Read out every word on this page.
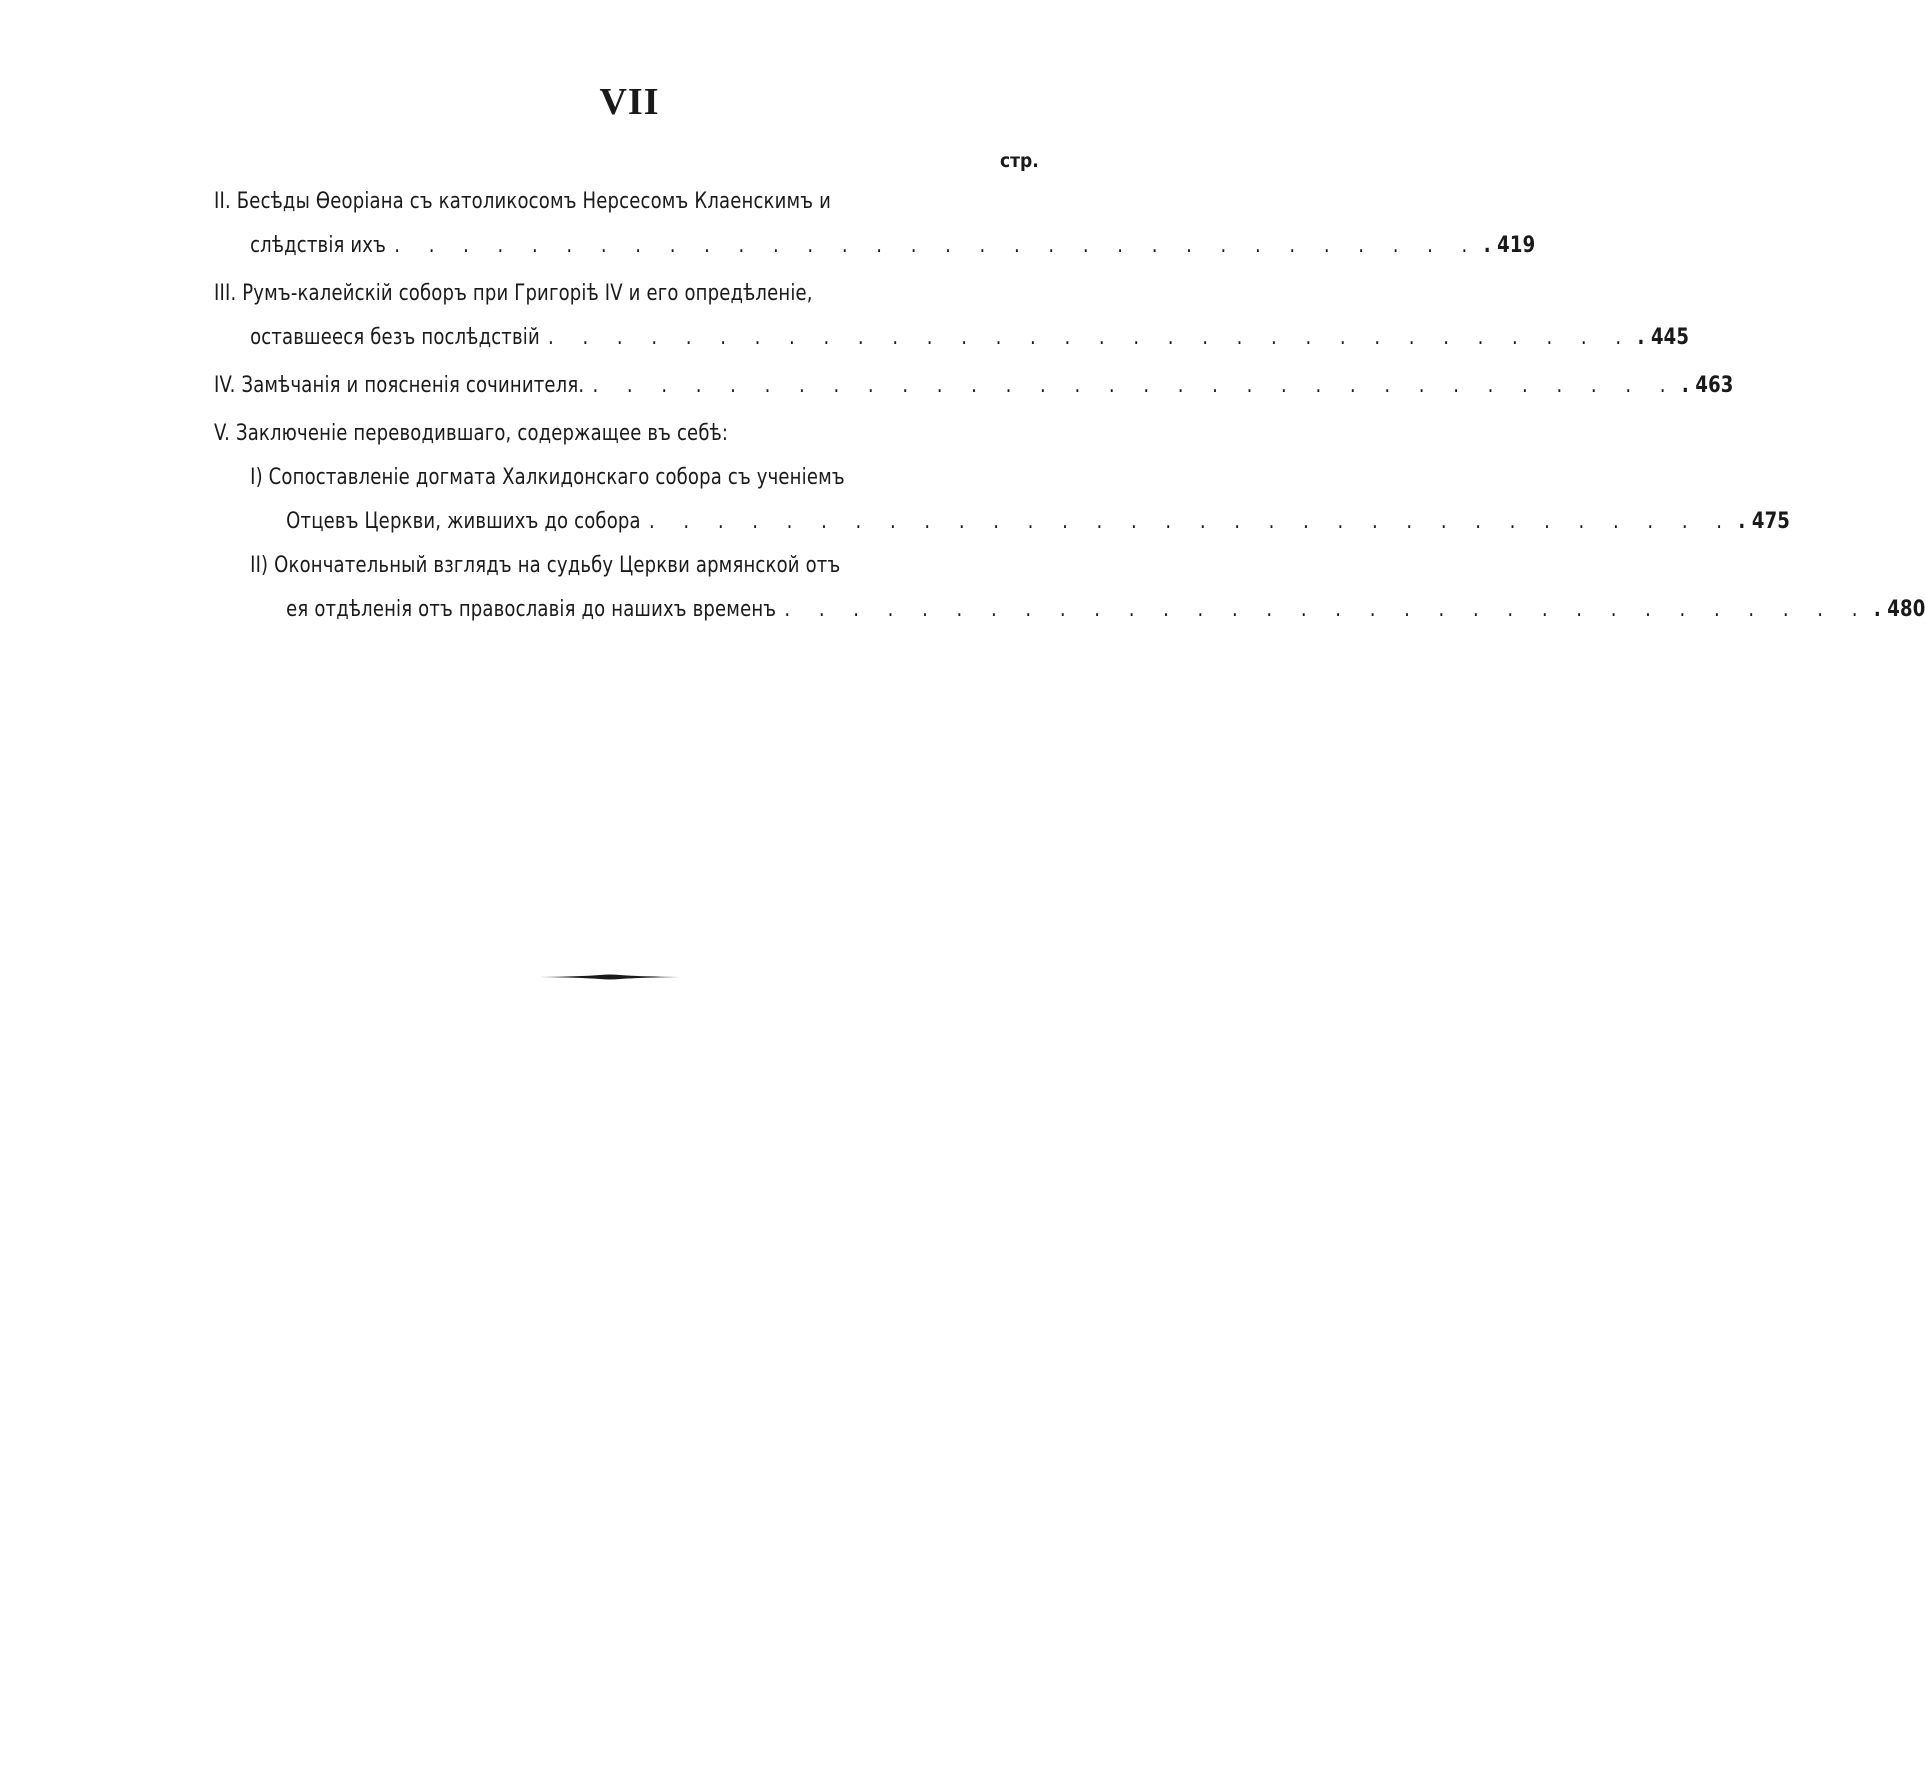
VII
стр.
II. Бесѣды Ѳеоріана съ католикосомъ Нерсесомъ Клаенскимъ и
слѣдствія ихъ . . . . . . . . . . . . . . . . . . . . . . . . . . . . . . . . . 419
III. Румъ-калейскій соборъ при Григоріѣ IV и его опредѣленіе,
оставшееся безъ послѣдствій . . . . . . . . . . . . . . . . . . . . . . . . . . . . . . . . . 445
IV. Замѣчанія и поясненія сочинителя. . . . . . . . . . . . . . . . . . . . . . . . . . . . . . . . . . 463
V. Заключеніе переводившаго, содержащее въ себѣ:
I) Сопоставленіе догмата Халкидонскаго собора съ ученіемъ
Отцевъ Церкви, жившихъ до собора . . . . . . . . . . . . . . . . . . . . . . . . . . . . . . . . . 475
II) Окончательный взглядъ на судьбу Церкви армянской отъ
ея отдѣленія отъ православія до нашихъ временъ . . . . . . . . . . . . . . . . . . . . . . . . . . . . . . . . . 480
